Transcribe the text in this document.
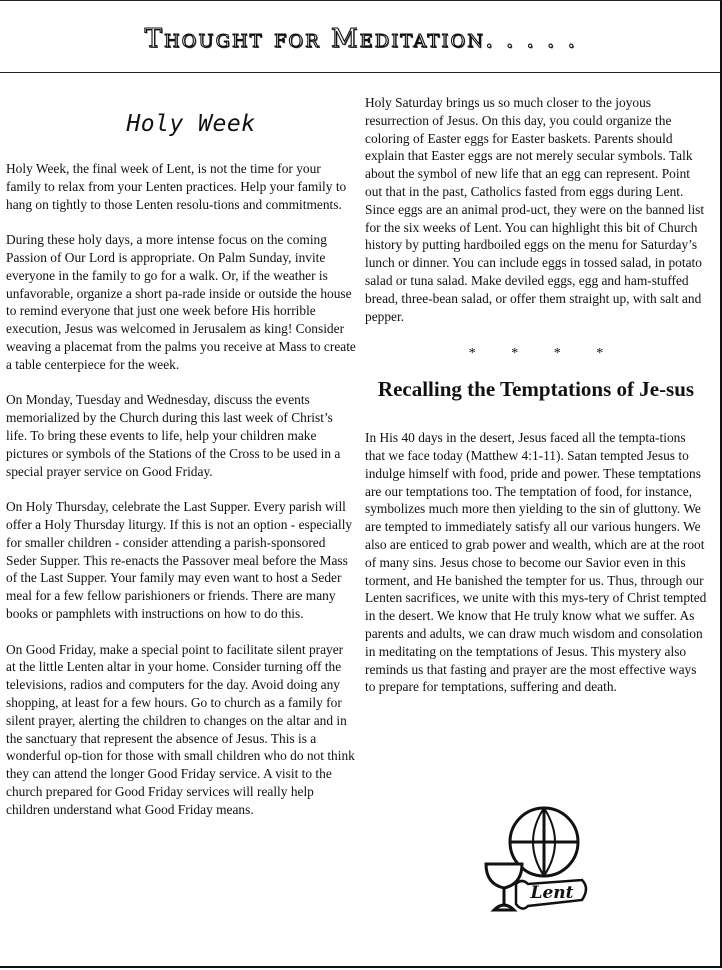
Thought for Meditation. . . . .
Holy Week

Holy Week, the final week of Lent, is not the time for your family to relax from your Lenten practices. Help your family to hang on tightly to those Lenten resolu-tions and commitments.

During these holy days, a more intense focus on the coming Passion of Our Lord is appropriate. On Palm Sunday, invite everyone in the family to go for a walk. Or, if the weather is unfavorable, organize a short pa-rade inside or outside the house to remind everyone that just one week before His horrible execution, Jesus was welcomed in Jerusalem as king! Consider weaving a placemat from the palms you receive at Mass to create a table centerpiece for the week.

On Monday, Tuesday and Wednesday, discuss the events memorialized by the Church during this last week of Christ’s life. To bring these events to life, help your children make pictures or symbols of the Stations of the Cross to be used in a special prayer service on Good Friday.

On Holy Thursday, celebrate the Last Supper. Every parish will offer a Holy Thursday liturgy. If this is not an option - especially for smaller children - consider attending a parish-sponsored Seder Supper. This re-enacts the Passover meal before the Mass of the Last Supper. Your family may even want to host a Seder meal for a few fellow parishioners or friends. There are many books or pamphlets with instructions on how to do this.

On Good Friday, make a special point to facilitate silent prayer at the little Lenten altar in your home. Consider turning off the televisions, radios and computers for the day. Avoid doing any shopping, at least for a few hours. Go to church as a family for silent prayer, alerting the children to changes on the altar and in the sanctuary that represent the absence of Jesus. This is a wonderful op-tion for those with small children who do not think they can attend the longer Good Friday service. A visit to the church prepared for Good Friday services will really help children understand what Good Friday means.

Holy Saturday brings us so much closer to the joyous resurrection of Jesus. On this day, you could organize the coloring of Easter eggs for Easter baskets. Parents should explain that Easter eggs are not merely secular symbols. Talk about the symbol of new life that an egg can represent. Point out that in the past, Catholics fasted from eggs during Lent. Since eggs are an animal prod-uct, they were on the banned list for the six weeks of Lent. You can highlight this bit of Church history by putting hardboiled eggs on the menu for Saturday’s lunch or dinner. You can include eggs in tossed salad, in potato salad or tuna salad. Make deviled eggs, egg and ham-stuffed bread, three-bean salad, or offer them straight up, with salt and pepper.

* * * *
Recalling the Temptations of Je-sus

In His 40 days in the desert, Jesus faced all the tempta-tions that we face today (Matthew 4:1-11). Satan tempted Jesus to indulge himself with food, pride and power. These temptations are our temptations too. The temptation of food, for instance, symbolizes much more then yielding to the sin of gluttony. We are tempted to immediately satisfy all our various hungers. We also are enticed to grab power and wealth, which are at the root of many sins. Jesus chose to become our Savior even in this torment, and He banished the tempter for us. Thus, through our Lenten sacrifices, we unite with this mys-tery of Christ tempted in the desert. We know that He truly know what we suffer. As parents and adults, we can draw much wisdom and consolation in meditating on the temptations of Jesus. This mystery also reminds us that fasting and prayer are the most effective ways to prepare for temptations, suffering and death.

Lent
